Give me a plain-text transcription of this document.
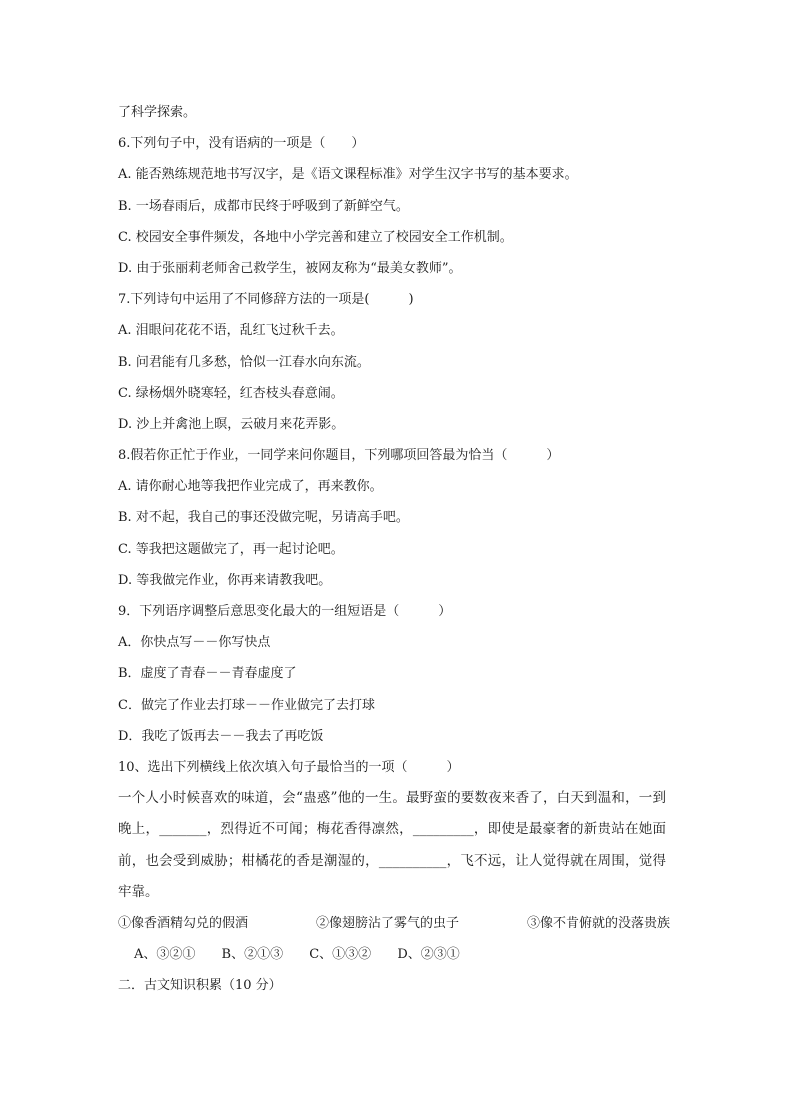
了科学探索。
6.下列句子中，没有语病的一项是（　　）
A. 能否熟练规范地书写汉字，是《语文课程标准》对学生汉字书写的基本要求。
B. 一场春雨后，成都市民终于呼吸到了新鲜空气。
C. 校园安全事件频发，各地中小学完善和建立了校园安全工作机制。
D. 由于张丽莉老师舍己救学生，被网友称为“最美女教师”。
7.下列诗句中运用了不同修辞方法的一项是(　　　)
A. 泪眼问花花不语，乱红飞过秋千去。
B. 问君能有几多愁，恰似一江春水向东流。
C. 绿杨烟外晓寒轻，红杏枝头春意闹。
D. 沙上并禽池上暝，云破月来花弄影。
8.假若你正忙于作业，一同学来问你题目，下列哪项回答最为恰当（　　　）
A. 请你耐心地等我把作业完成了，再来教你。
B. 对不起，我自己的事还没做完呢，另请高手吧。
C. 等我把这题做完了，再一起讨论吧。
D. 等我做完作业，你再来请教我吧。
9．下列语序调整后意思变化最大的一组短语是（　　　）
A．你快点写－－你写快点
B．虚度了青春－－青春虚度了
C．做完了作业去打球－－作业做完了去打球
D．我吃了饭再去－－我去了再吃饭
10、选出下列横线上依次填入句子最恰当的一项（　　　）
一个人小时候喜欢的味道，会“蛊惑”他的一生。最野蛮的要数夜来香了，白天到温和，一到晚上，_______，烈得近不可闻；梅花香得凛然，_________，即使是最豪奢的新贵站在她面前，也会受到威胁；柑橘花的香是潮湿的，__________，飞不远，让人觉得就在周围，觉得牢靠。
①像香酒精勾兑的假酒	②像翅膀沾了雾气的虫子	③像不肯俯就的没落贵族
A、③②① B、②①③ C、①③② D、②③①
二．古文知识积累（10 分）
